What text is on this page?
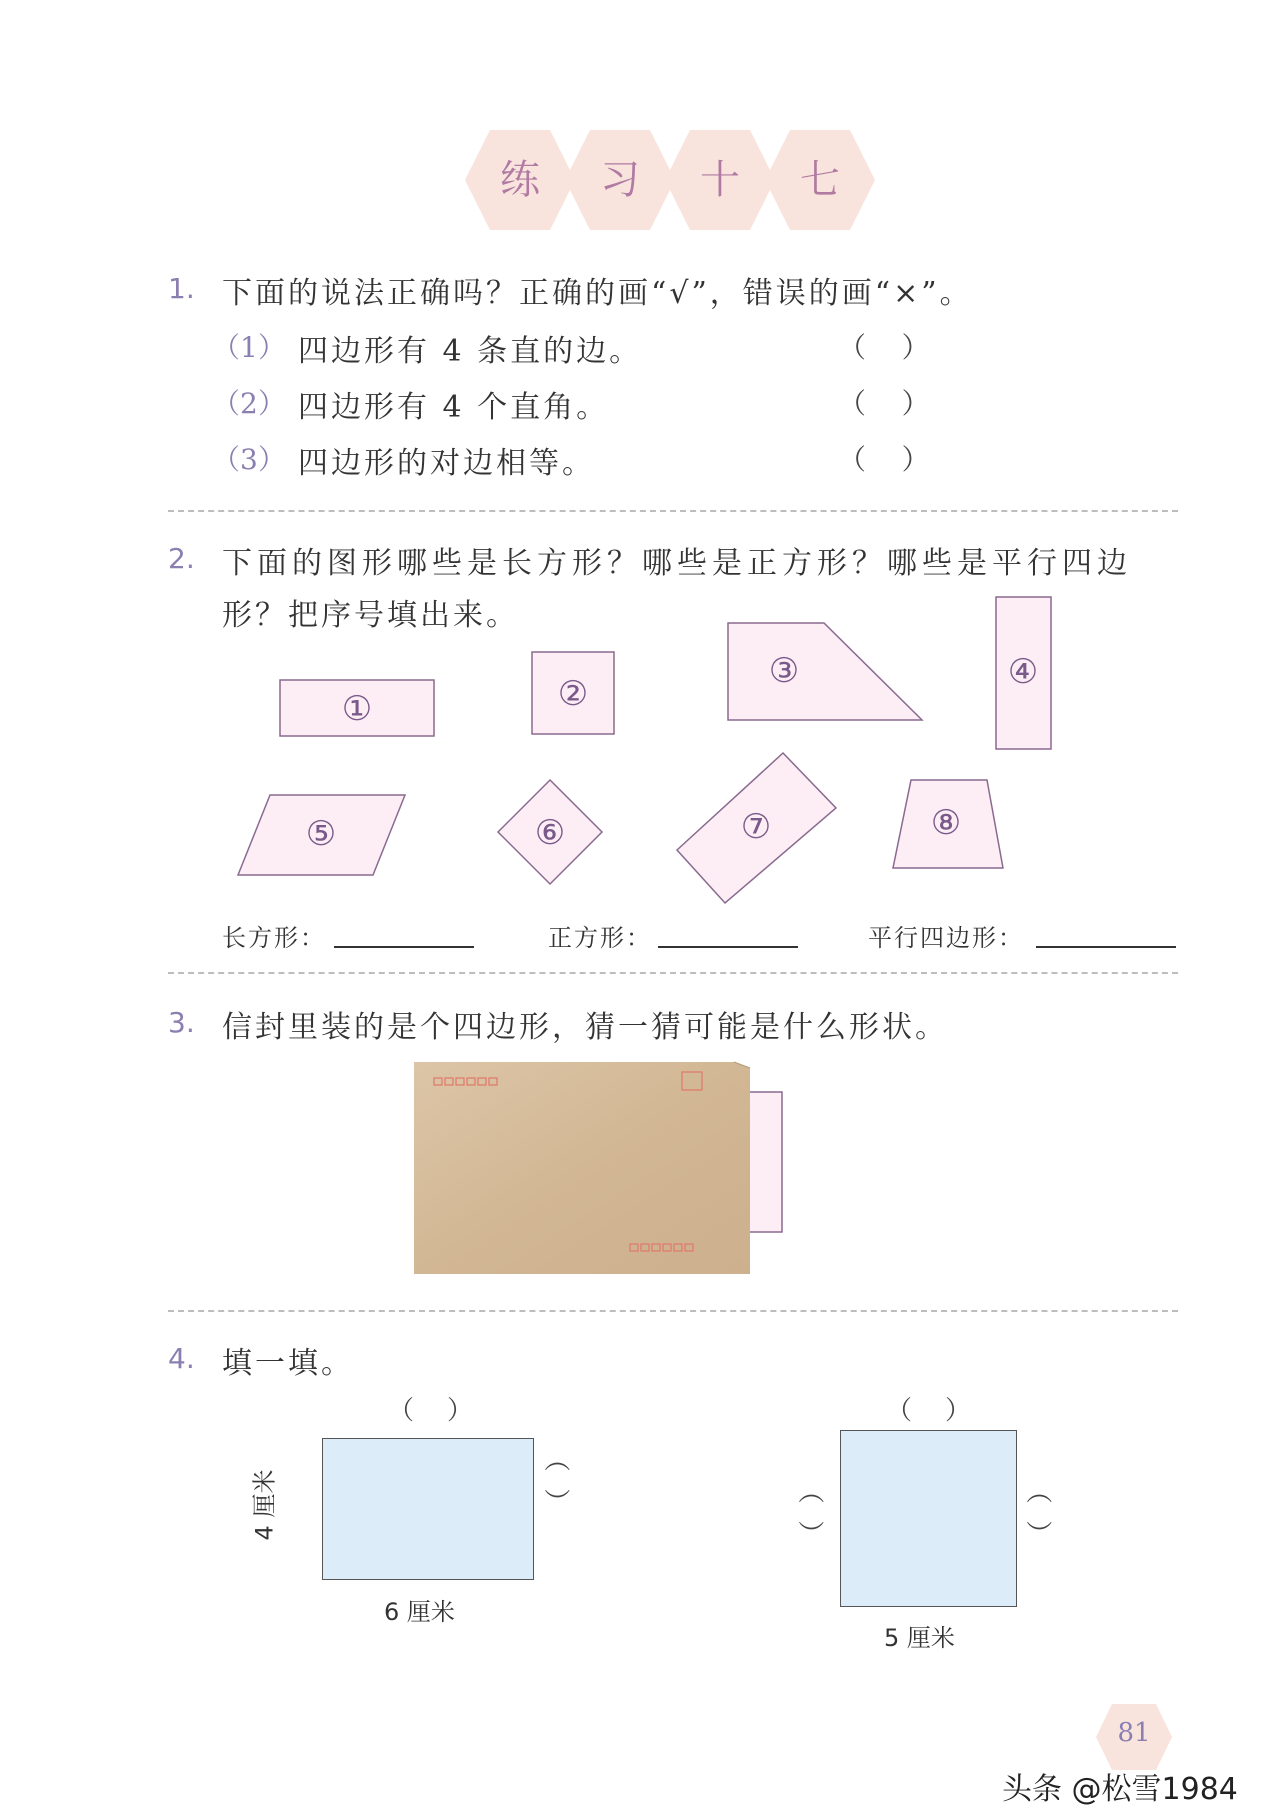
练	习	十	七
1. 下面的说法正确吗？正确的画“√”，错误的画“×”。
（1） 四边形有 4 条直的边。	（    ）
（2） 四边形有 4 个直角。	（    ）
（3） 四边形的对边相等。	（    ）
2. 下面的图形哪些是长方形？哪些是正方形？哪些是平行四边
形？把序号填出来。
①	②
③	④
⑤	⑥	⑦	⑧
长方形：	正方形：	平行四边形：
3. 信封里装的是个四边形，猜一猜可能是什么形状。
4. 填一填。
（    ）
4 厘米	（  ）
6 厘米
（    ）
（  ）	（  ）
5 厘米
81
头条 @松雪1984
